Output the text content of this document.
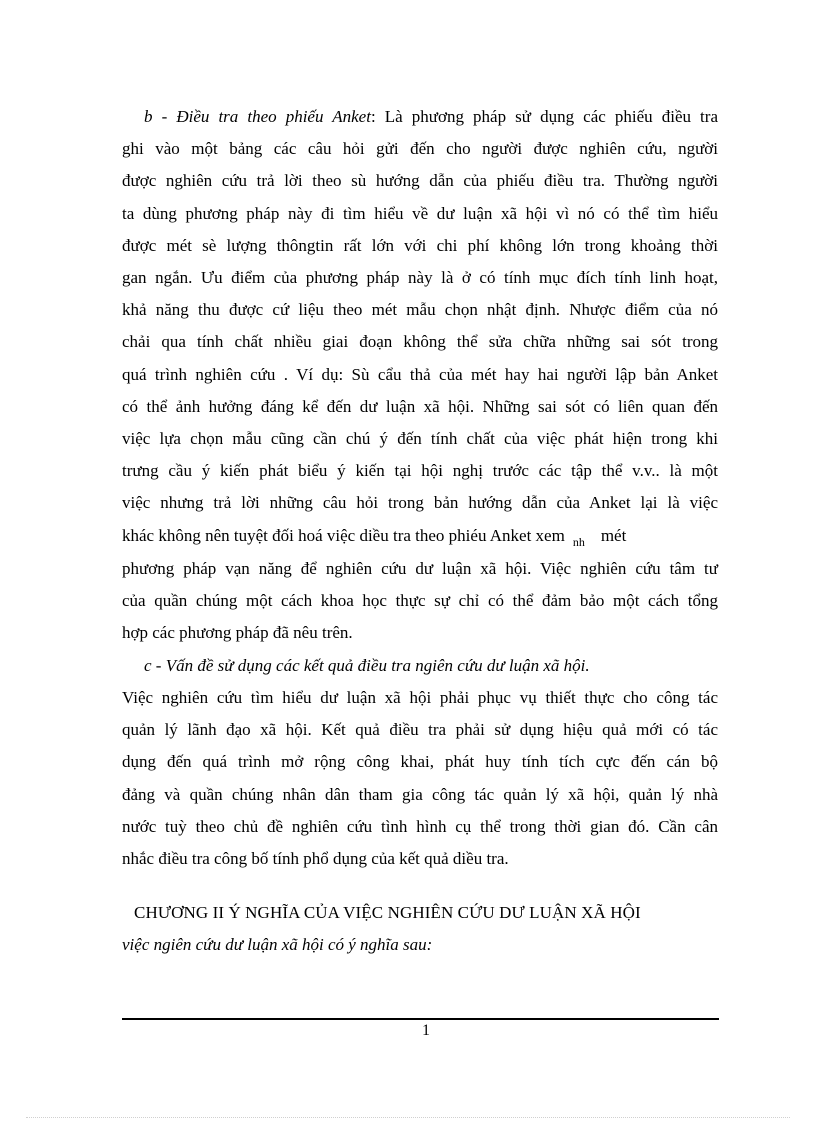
b - Điều tra theo phiếu Anket: Là phương pháp sử dụng các phiếu điều tra
ghi vào một bảng các câu hỏi gửi đến cho người được nghiên cứu, người
được nghiên cứu trả lời theo sù hướng dẫn của phiếu điều tra. Thường người
ta dùng phương pháp này đi tìm hiểu về dư luận xã hội vì nó có thể tìm hiểu
được mét sè lượng thôngtin rất lớn với chi phí không lớn trong khoảng thời
gan ngắn. Ưu điểm của phương pháp này là ở có tính mục đích tính linh hoạt,
khả năng thu được cứ liệu theo mét mẫu chọn nhật định. Nhược điểm của nó
chải qua tính chất nhiều giai đoạn không thể sửa chữa những sai sót trong
quá trình nghiên cứu . Ví dụ: Sù cẩu thả của mét hay hai người lập bản Anket
có thể ảnh hưởng đáng kể đến dư luận xã hội. Những sai sót có liên quan đến
việc lựa chọn mẫu cũng cần chú ý đến tính chất của việc phát hiện trong khi
trưng cầu ý kiến phát biểu ý kiến tại hội nghị trước các tập thể v.v.. là một
việc nhưng trả lời những câu hỏi trong bản hướng dẫn của Anket lại là việc
khác không nên tuyệt đối hoá việc diều tra theo phiéu Anket xem $_{nh}$ mét
phương pháp vạn năng để nghiên cứu dư luận xã hội. Việc nghiên cứu tâm tư
của quần chúng một cách khoa học thực sự chỉ có thể đảm bảo một cách tổng
hợp các phương pháp đã nêu trên.
c - Vấn đề sử dụng các kết quả điều tra ngiên cứu dư luận xã hội.
Việc nghiên cứu tìm hiểu dư luận xã hội phải phục vụ thiết thực cho công tác
quản lý lãnh đạo xã hội. Kết quả điều tra phải sử dụng hiệu quả mới có tác
dụng đến quá trình mở rộng công khai, phát huy tính tích cực đến cán bộ
đảng và quần chúng nhân dân tham gia công tác quản lý xã hội, quản lý nhà
nước tuỳ theo chủ đề nghiên cứu tình hình cụ thể trong thời gian đó. Cần cân
nhắc điều tra công bố tính phổ dụng của kết quả diều tra.

CHƯƠNG II Ý NGHĨA CỦA VIỆC NGHIÊN CỨU DƯ LUẬN XÃ HỘI

việc ngiên cứu dư luận xã hội có ý nghĩa sau:

1
